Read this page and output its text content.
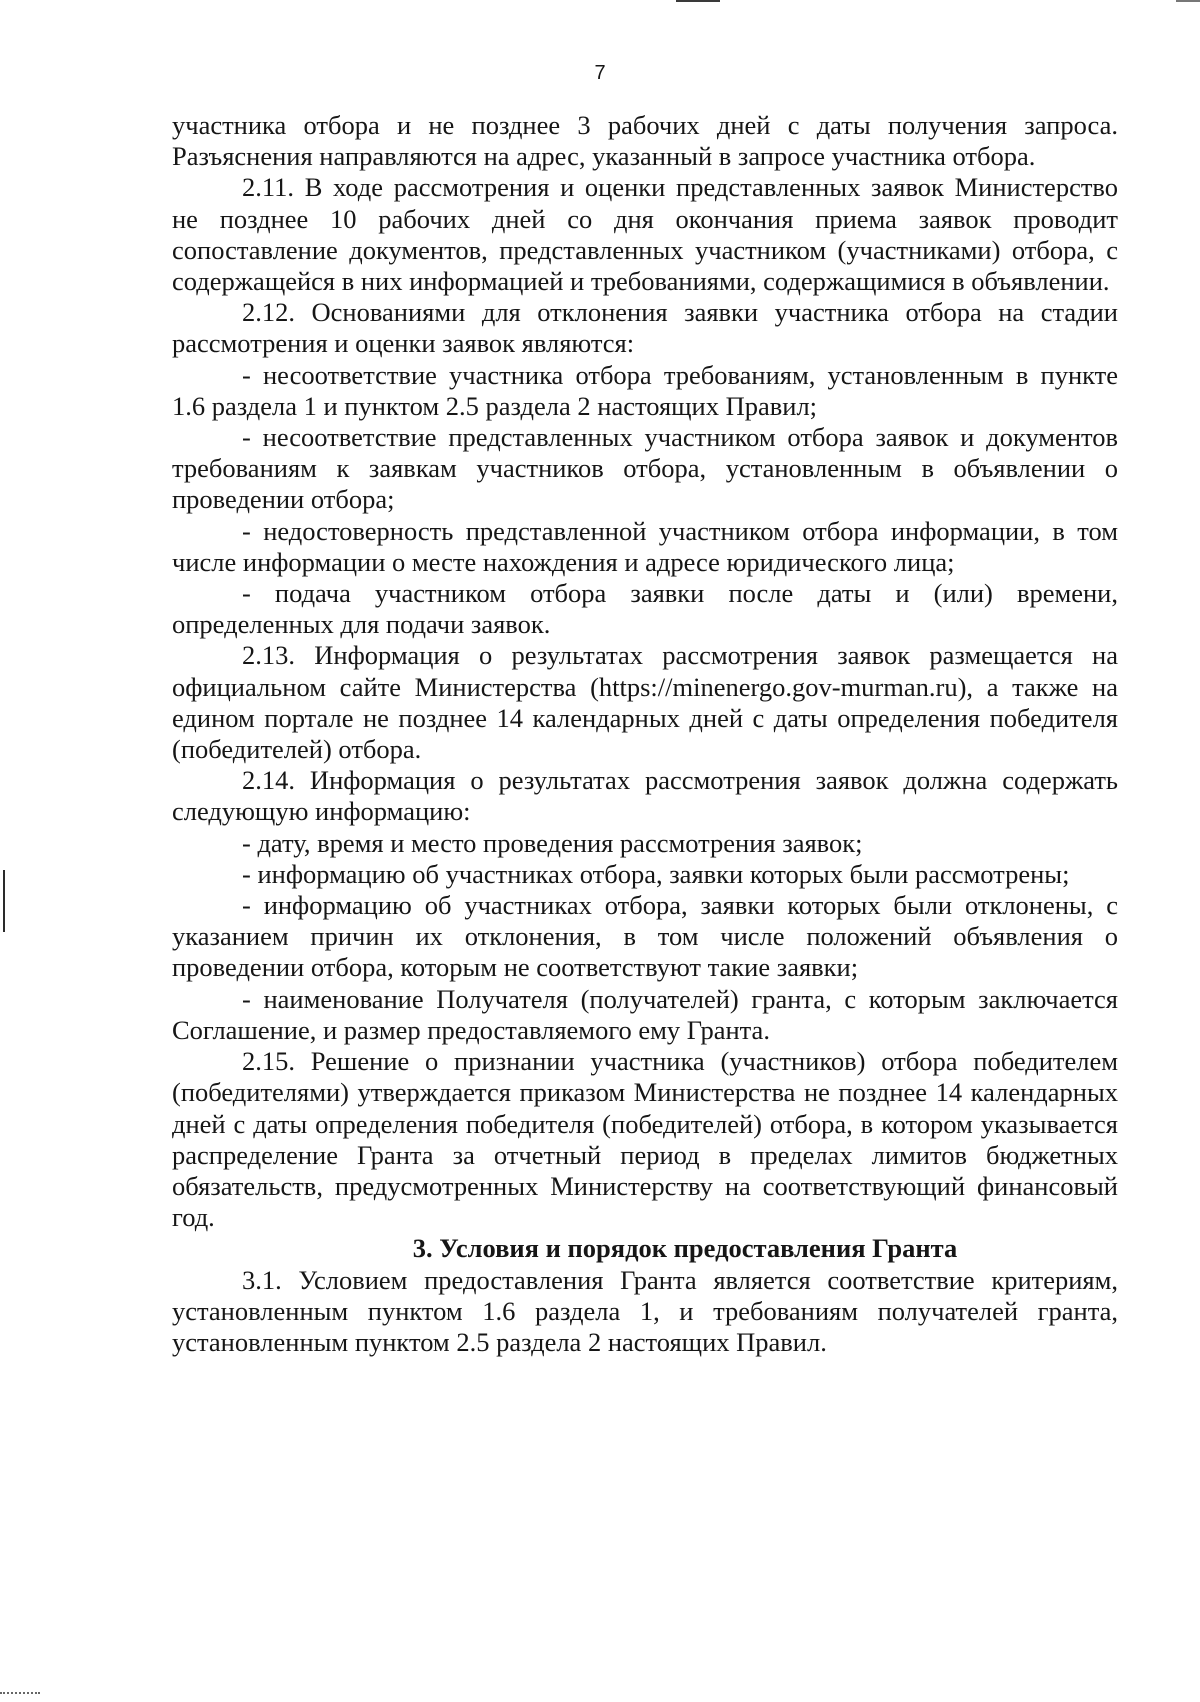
7

участника отбора и не позднее 3 рабочих дней с даты получения запроса. Разъяснения направляются на адрес, указанный в запросе участника отбора.

2.11. В ходе рассмотрения и оценки представленных заявок Министерство не позднее 10 рабочих дней со дня окончания приема заявок проводит сопоставление документов, представленных участником (участниками) отбора, с содержащейся в них информацией и требованиями, содержащимися в объявлении.

2.12. Основаниями для отклонения заявки участника отбора на стадии рассмотрения и оценки заявок являются:

- несоответствие участника отбора требованиям, установленным в пункте 1.6 раздела 1 и пунктом 2.5 раздела 2 настоящих Правил;

- несоответствие представленных участником отбора заявок и документов требованиям к заявкам участников отбора, установленным в объявлении о проведении отбора;

- недостоверность представленной участником отбора информации, в том числе информации о месте нахождения и адресе юридического лица;

- подача участником отбора заявки после даты и (или) времени, определенных для подачи заявок.

2.13. Информация о результатах рассмотрения заявок размещается на официальном сайте Министерства (https://minenergo.gov-murman.ru), а также на едином портале не позднее 14 календарных дней с даты определения победителя (победителей) отбора.

2.14. Информация о результатах рассмотрения заявок должна содержать следующую информацию:

- дату, время и место проведения рассмотрения заявок;

- информацию об участниках отбора, заявки которых были рассмотрены;

- информацию об участниках отбора, заявки которых были отклонены, с указанием причин их отклонения, в том числе положений объявления о проведении отбора, которым не соответствуют такие заявки;

- наименование Получателя (получателей) гранта, с которым заключается Соглашение, и размер предоставляемого ему Гранта.

2.15. Решение о признании участника (участников) отбора победителем (победителями) утверждается приказом Министерства не позднее 14 календарных дней с даты определения победителя (победителей) отбора, в котором указывается распределение Гранта за отчетный период в пределах лимитов бюджетных обязательств, предусмотренных Министерству на соответствующий финансовый год.

3. Условия и порядок предоставления Гранта

3.1. Условием предоставления Гранта является соответствие критериям, установленным пунктом 1.6 раздела 1, и требованиям получателей гранта, установленным пунктом 2.5 раздела 2 настоящих Правил.
